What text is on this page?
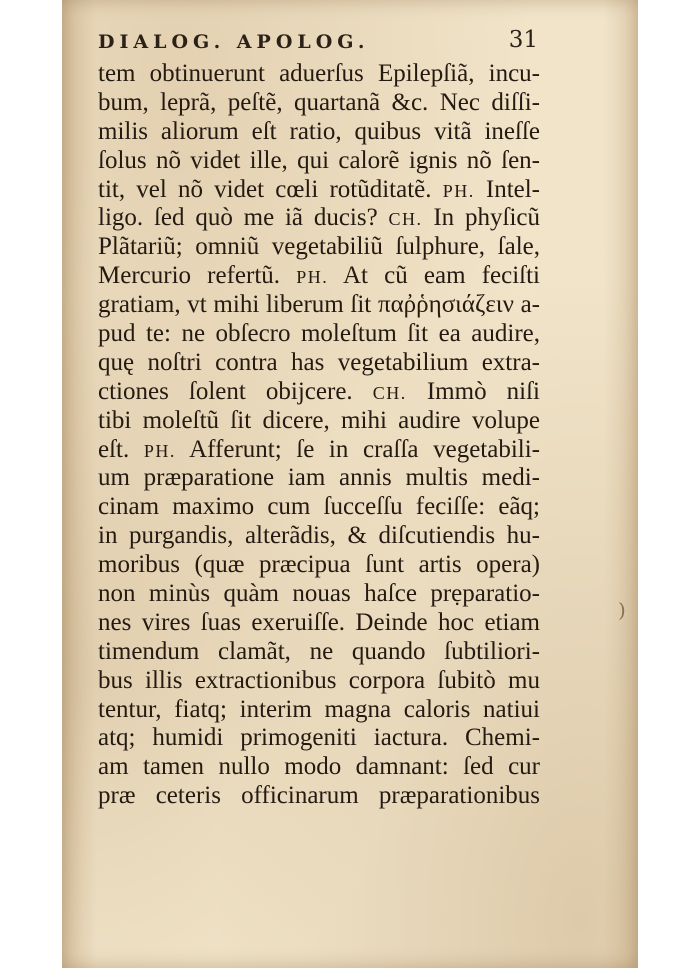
DIALOG. APOLOG.	31
tem obtinuerunt aduerſus Epilepſiã, incu-
bum, leprã, peſtẽ, quartanã &c. Nec diſſi-
milis aliorum eſt ratio, quibus vitã ineſſe
ſolus nõ videt ille, qui calorẽ ignis nõ ſen-
tit, vel nõ videt cœli rotũditatẽ. PH. Intel-
ligo. ſed quò me iã ducis? CH. In phyſicũ
Plãtariũ; omniũ vegetabiliũ ſulphure, ſale,
Mercurio refertũ. PH. At cũ eam feciſti
gratiam, vt mihi liberum ſit παῤῥησιάζειν a-
pud te: ne obſecro moleſtum ſit ea audire,
quę noſtri contra has vegetabilium extra-
ctiones ſolent obijcere. CH. Immò niſi
tibi moleſtũ ſit dicere, mihi audire volupe
eſt. PH. Afferunt; ſe in craſſa vegetabili-
um præparatione iam annis multis medi-
cinam maximo cum ſucceſſu feciſſe: eãq;
in purgandis, alterãdis, & diſcutiendis hu-
moribus (quæ præcipua ſunt artis opera)
non minùs quàm nouas haſce prẹparatio-
nes vires ſuas exeruiſſe. Deinde hoc etiam
timendum clamãt, ne quando ſubtiliori-
bus illis extractionibus corpora ſubitò mu
tentur, fiatq; interim magna caloris natiui
atq; humidi primogeniti iactura. Chemi-
am tamen nullo modo damnant: ſed cur
præ ceteris officinarum præparationibus
)
